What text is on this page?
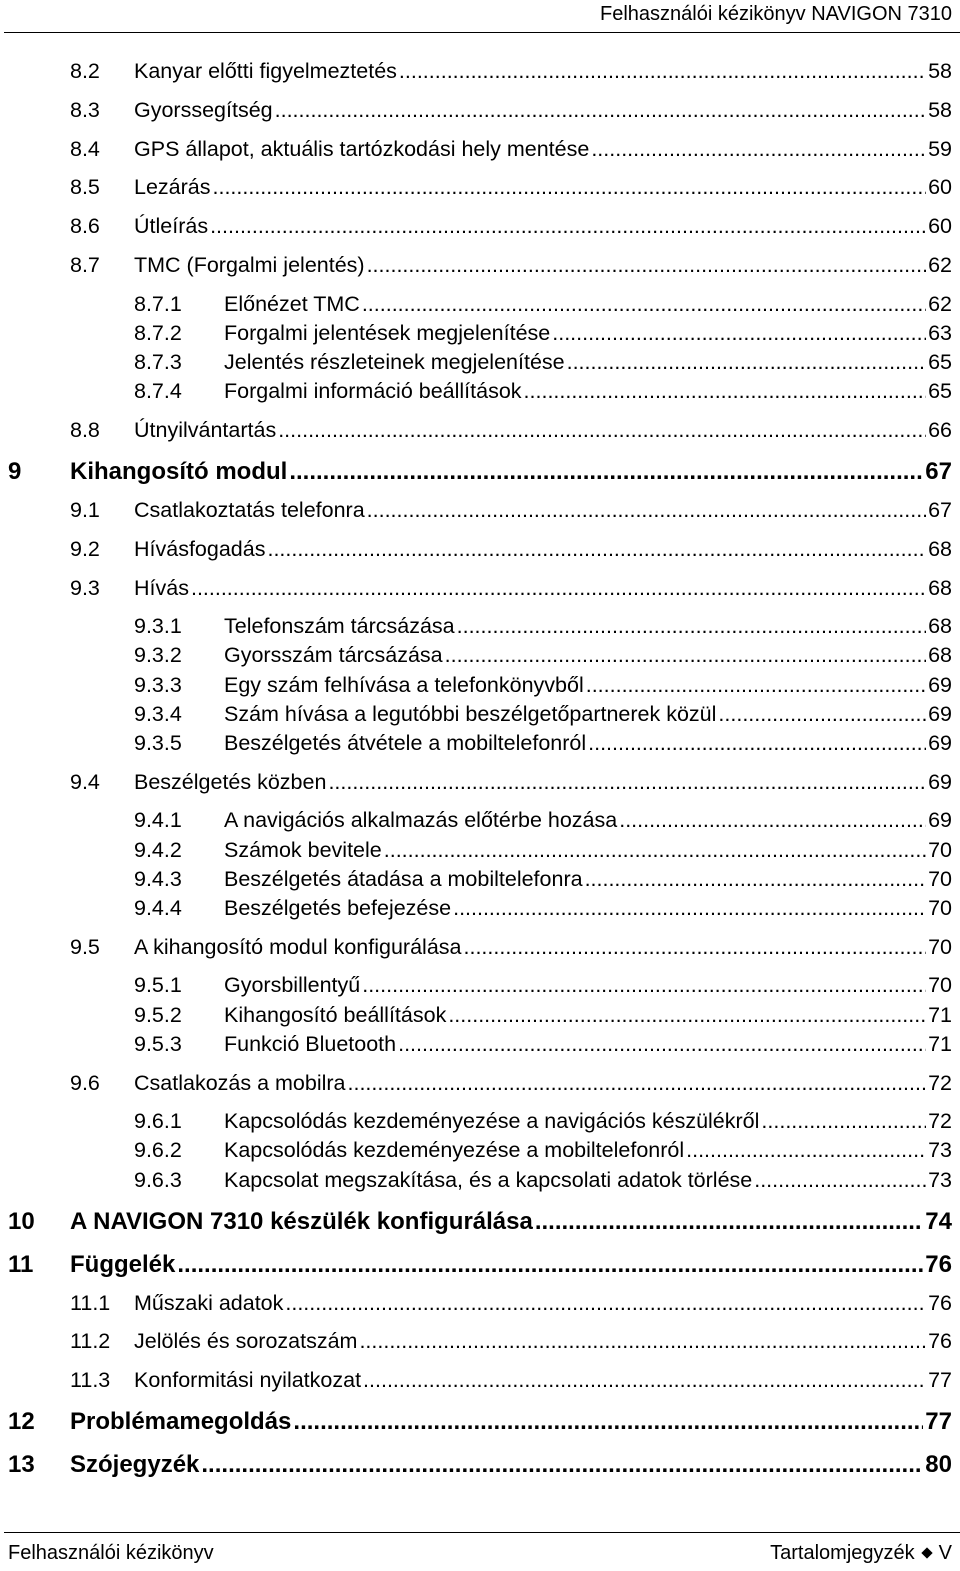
Felhasználói kézikönyv NAVIGON 7310
8.2	Kanyar előtti figyelmeztetés .....	58
8.3	Gyorssegítség .....	58
8.4	GPS állapot, aktuális tartózkodási hely mentése .....	59
8.5	Lezárás .....	60
8.6	Útleírás .....	60
8.7	TMC (Forgalmi jelentés) .....	62
8.7.1	Előnézet TMC .....	62
8.7.2	Forgalmi jelentések megjelenítése .....	63
8.7.3	Jelentés részleteinek megjelenítése .....	65
8.7.4	Forgalmi információ beállítások .....	65
8.8	Útnyilvántartás .....	66
9	Kihangosító modul .....	67
9.1	Csatlakoztatás telefonra .....	67
9.2	Hívásfogadás .....	68
9.3	Hívás .....	68
9.3.1	Telefonszám tárcsázása .....	68
9.3.2	Gyorsszám tárcsázása .....	68
9.3.3	Egy szám felhívása a telefonkönyvből .....	69
9.3.4	Szám hívása a legutóbbi beszélgetőpartnerek közül .....	69
9.3.5	Beszélgetés átvétele a mobiltelefonról .....	69
9.4	Beszélgetés közben .....	69
9.4.1	A navigációs alkalmazás előtérbe hozása .....	69
9.4.2	Számok bevitele .....	70
9.4.3	Beszélgetés átadása a mobiltelefonra .....	70
9.4.4	Beszélgetés befejezése .....	70
9.5	A kihangosító modul konfigurálása .....	70
9.5.1	Gyorsbillentyű .....	70
9.5.2	Kihangosító beállítások .....	71
9.5.3	Funkció Bluetooth .....	71
9.6	Csatlakozás a mobilra .....	72
9.6.1	Kapcsolódás kezdeményezése a navigációs készülékről .....	72
9.6.2	Kapcsolódás kezdeményezése a mobiltelefonról .....	73
9.6.3	Kapcsolat megszakítása, és a kapcsolati adatok törlése .....	73
10	A NAVIGON 7310 készülék konfigurálása .....	74
11	Függelék .....	76
11.1	Műszaki adatok .....	76
11.2	Jelölés és sorozatszám .....	76
11.3	Konformitási nyilatkozat .....	77
12	Problémamegoldás .....	77
13	Szójegyzék .....	80
Felhasználói kézikönyv	Tartalomjegyzék V
